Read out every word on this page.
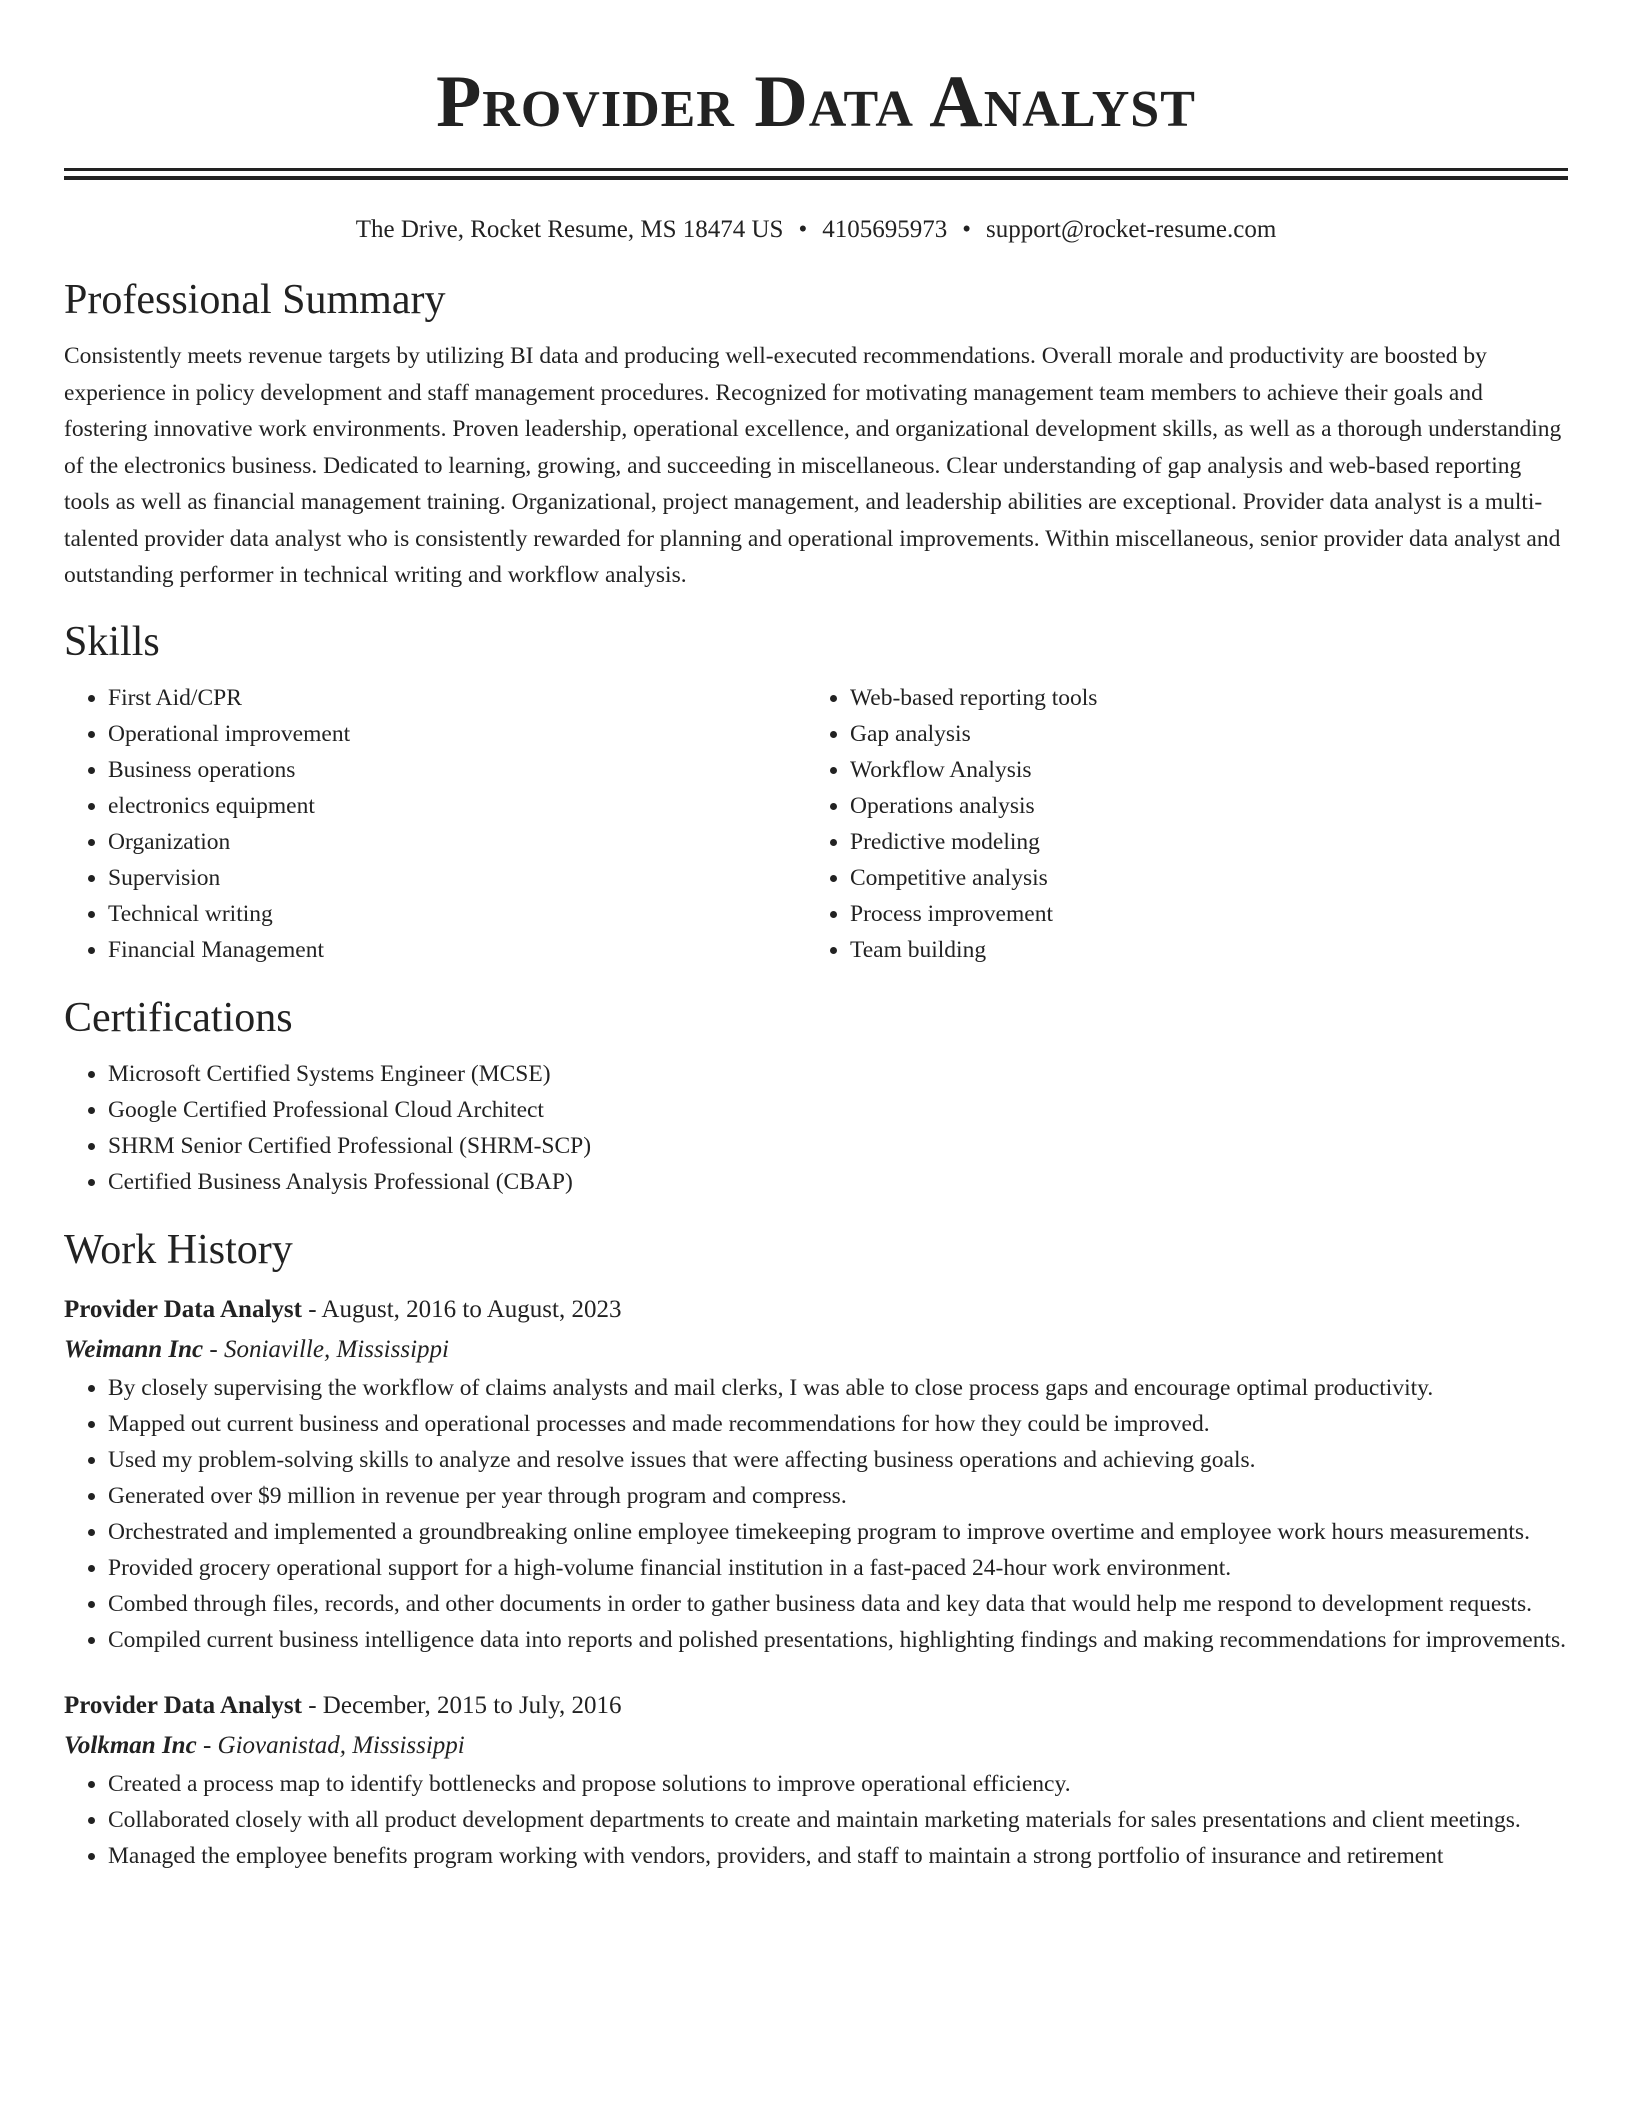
Provider Data Analyst
The Drive, Rocket Resume, MS 18474 US • 4105695973 • support@rocket-resume.com
Professional Summary

Consistently meets revenue targets by utilizing BI data and producing well-executed recommendations. Overall morale and productivity are boosted by experience in policy development and staff management procedures. Recognized for motivating management team members to achieve their goals and fostering innovative work environments. Proven leadership, operational excellence, and organizational development skills, as well as a thorough understanding of the electronics business. Dedicated to learning, growing, and succeeding in miscellaneous. Clear understanding of gap analysis and web-based reporting tools as well as financial management training. Organizational, project management, and leadership abilities are exceptional. Provider data analyst is a multi-talented provider data analyst who is consistently rewarded for planning and operational improvements. Within miscellaneous, senior provider data analyst and outstanding performer in technical writing and workflow analysis.

Skills
• First Aid/CPR
• Operational improvement
• Business operations
• electronics equipment
• Organization
• Supervision
• Technical writing
• Financial Management
• Web-based reporting tools
• Gap analysis
• Workflow Analysis
• Operations analysis
• Predictive modeling
• Competitive analysis
• Process improvement
• Team building
Certifications
• Microsoft Certified Systems Engineer (MCSE)
• Google Certified Professional Cloud Architect
• SHRM Senior Certified Professional (SHRM-SCP)
• Certified Business Analysis Professional (CBAP)
Work History
Provider Data Analyst - August, 2016 to August, 2023
Weimann Inc - Soniaville, Mississippi
• By closely supervising the workflow of claims analysts and mail clerks, I was able to close process gaps and encourage optimal productivity.
• Mapped out current business and operational processes and made recommendations for how they could be improved.
• Used my problem-solving skills to analyze and resolve issues that were affecting business operations and achieving goals.
• Generated over $9 million in revenue per year through program and compress.
• Orchestrated and implemented a groundbreaking online employee timekeeping program to improve overtime and employee work hours measurements.
• Provided grocery operational support for a high-volume financial institution in a fast-paced 24-hour work environment.
• Combed through files, records, and other documents in order to gather business data and key data that would help me respond to development requests.
• Compiled current business intelligence data into reports and polished presentations, highlighting findings and making recommendations for improvements.
Provider Data Analyst - December, 2015 to July, 2016
Volkman Inc - Giovanistad, Mississippi
• Created a process map to identify bottlenecks and propose solutions to improve operational efficiency.
• Collaborated closely with all product development departments to create and maintain marketing materials for sales presentations and client meetings.
• Managed the employee benefits program working with vendors, providers, and staff to maintain a strong portfolio of insurance and retirement
